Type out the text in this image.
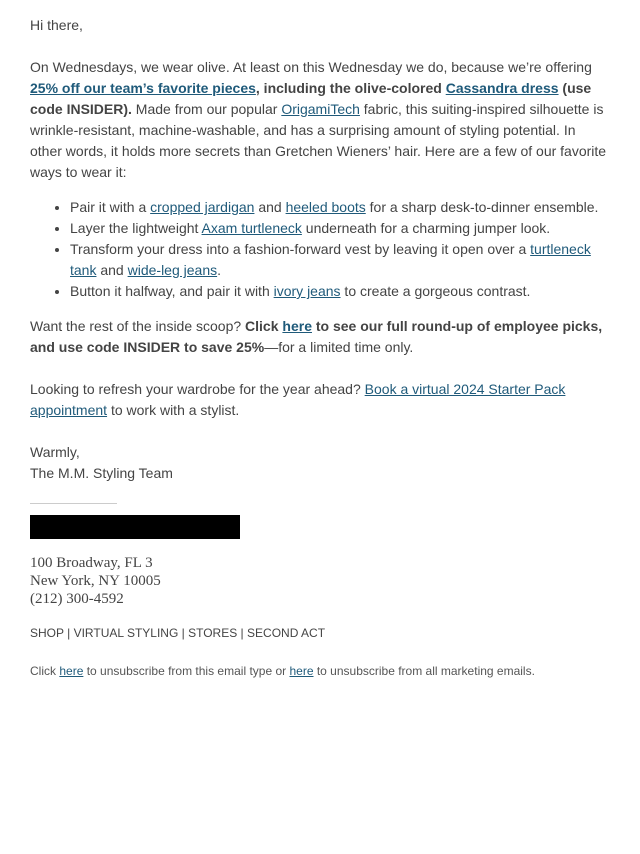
Hi there,

On Wednesdays, we wear olive. At least on this Wednesday we do, because we’re offering 25% off our team’s favorite pieces, including the olive-colored Cassandra dress (use code INSIDER). Made from our popular OrigamiTech fabric, this suiting-inspired silhouette is wrinkle-resistant, machine-washable, and has a surprising amount of styling potential. In other words, it holds more secrets than Gretchen Wieners’ hair. Here are a few of our favorite ways to wear it:

• Pair it with a cropped jardigan and heeled boots for a sharp desk-to-dinner ensemble.
• Layer the lightweight Axam turtleneck underneath for a charming jumper look.
• Transform your dress into a fashion-forward vest by leaving it open over a turtleneck tank and wide-leg jeans.
• Button it halfway, and pair it with ivory jeans to create a gorgeous contrast.

Want the rest of the inside scoop? Click here to see our full round-up of employee picks, and use code INSIDER to save 25%—for a limited time only.

Looking to refresh your wardrobe for the year ahead? Book a virtual 2024 Starter Pack appointment to work with a stylist.

Warmly,
The M.M. Styling Team

100 Broadway, FL 3
New York, NY 10005
(212) 300-4592
SHOP | VIRTUAL STYLING | STORES | SECOND ACT
Click here to unsubscribe from this email type or here to unsubscribe from all marketing emails.
